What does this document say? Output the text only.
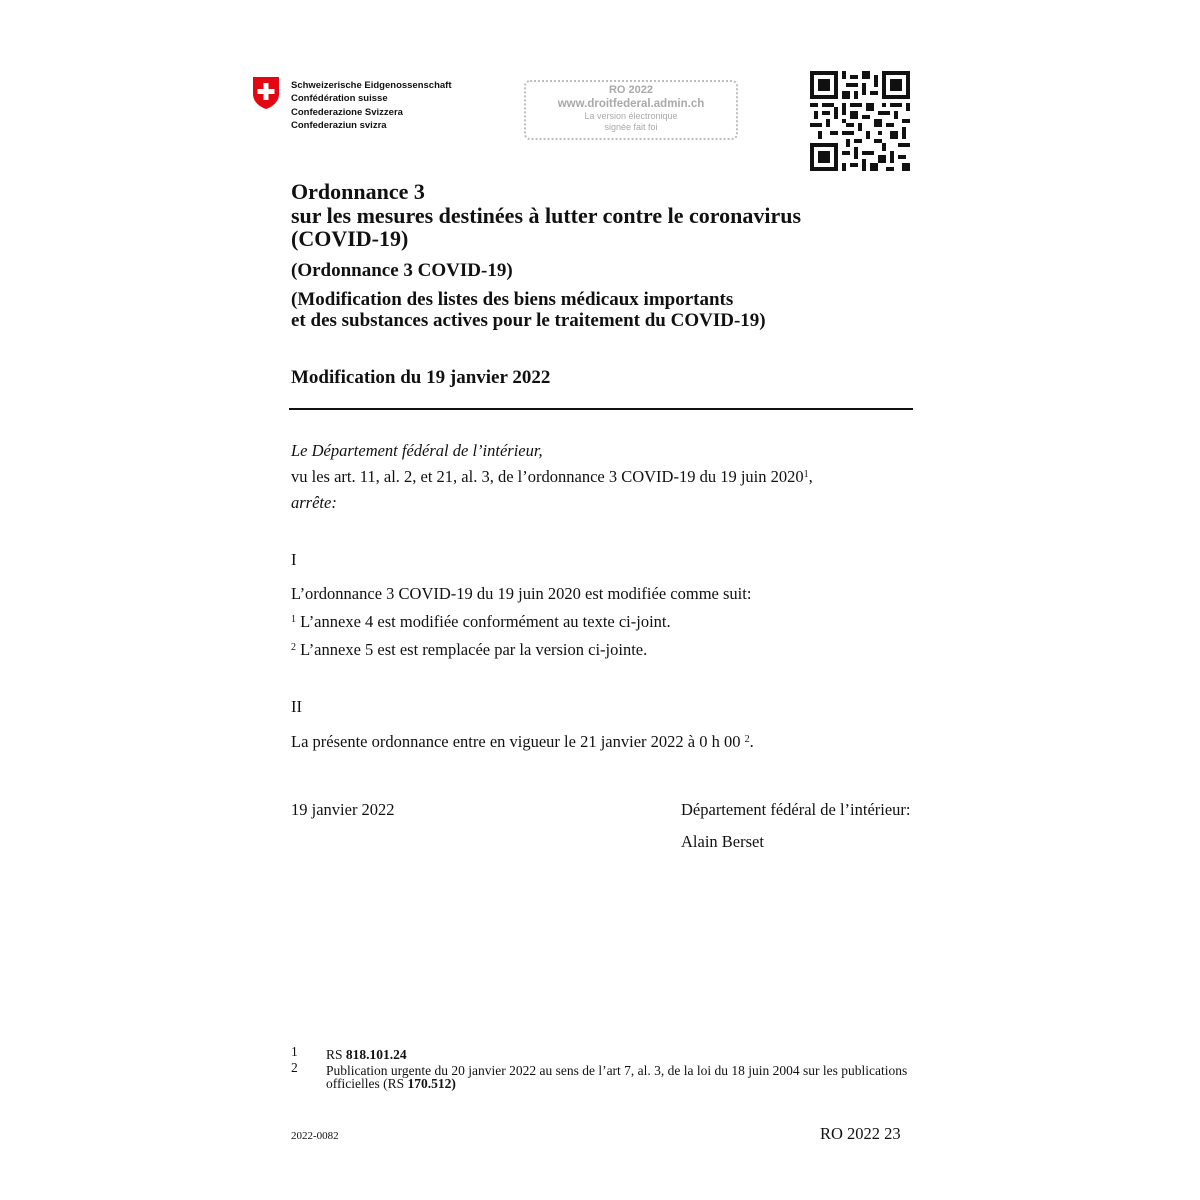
Schweizerische Eidgenossenschaft
Confédération suisse
Confederazione Svizzera
Confederaziun svizra
RO 2022
www.droitfederal.admin.ch
La version électronique
signée fait foi
Ordonnance 3
sur les mesures destinées à lutter contre le coronavirus
(COVID-19)
(Ordonnance 3 COVID-19)
(Modification des listes des biens médicaux importants
et des substances actives pour le traitement du COVID-19)
Modification du 19 janvier 2022
Le Département fédéral de l’intérieur,
vu les art. 11, al. 2, et 21, al. 3, de l’ordonnance 3 COVID-19 du 19 juin 2020$^1$,
arrête:
I
L’ordonnance 3 COVID-19 du 19 juin 2020 est modifiée comme suit:
$^1$ L’annexe 4 est modifiée conformément au texte ci-joint.
$^2$ L’annexe 5 est est remplacée par la version ci-jointe.
II
La présente ordonnance entre en vigueur le 21 janvier 2022 à 0 h 00 $^2$.
19 janvier 2022	Département fédéral de l’intérieur:
Alain Berset
1 RS 818.101.24
2 Publication urgente du 20 janvier 2022 au sens de l’art 7, al. 3, de la loi du 18 juin 2004 sur les publications officielles (RS 170.512)
2022-0082	RO 2022 23
